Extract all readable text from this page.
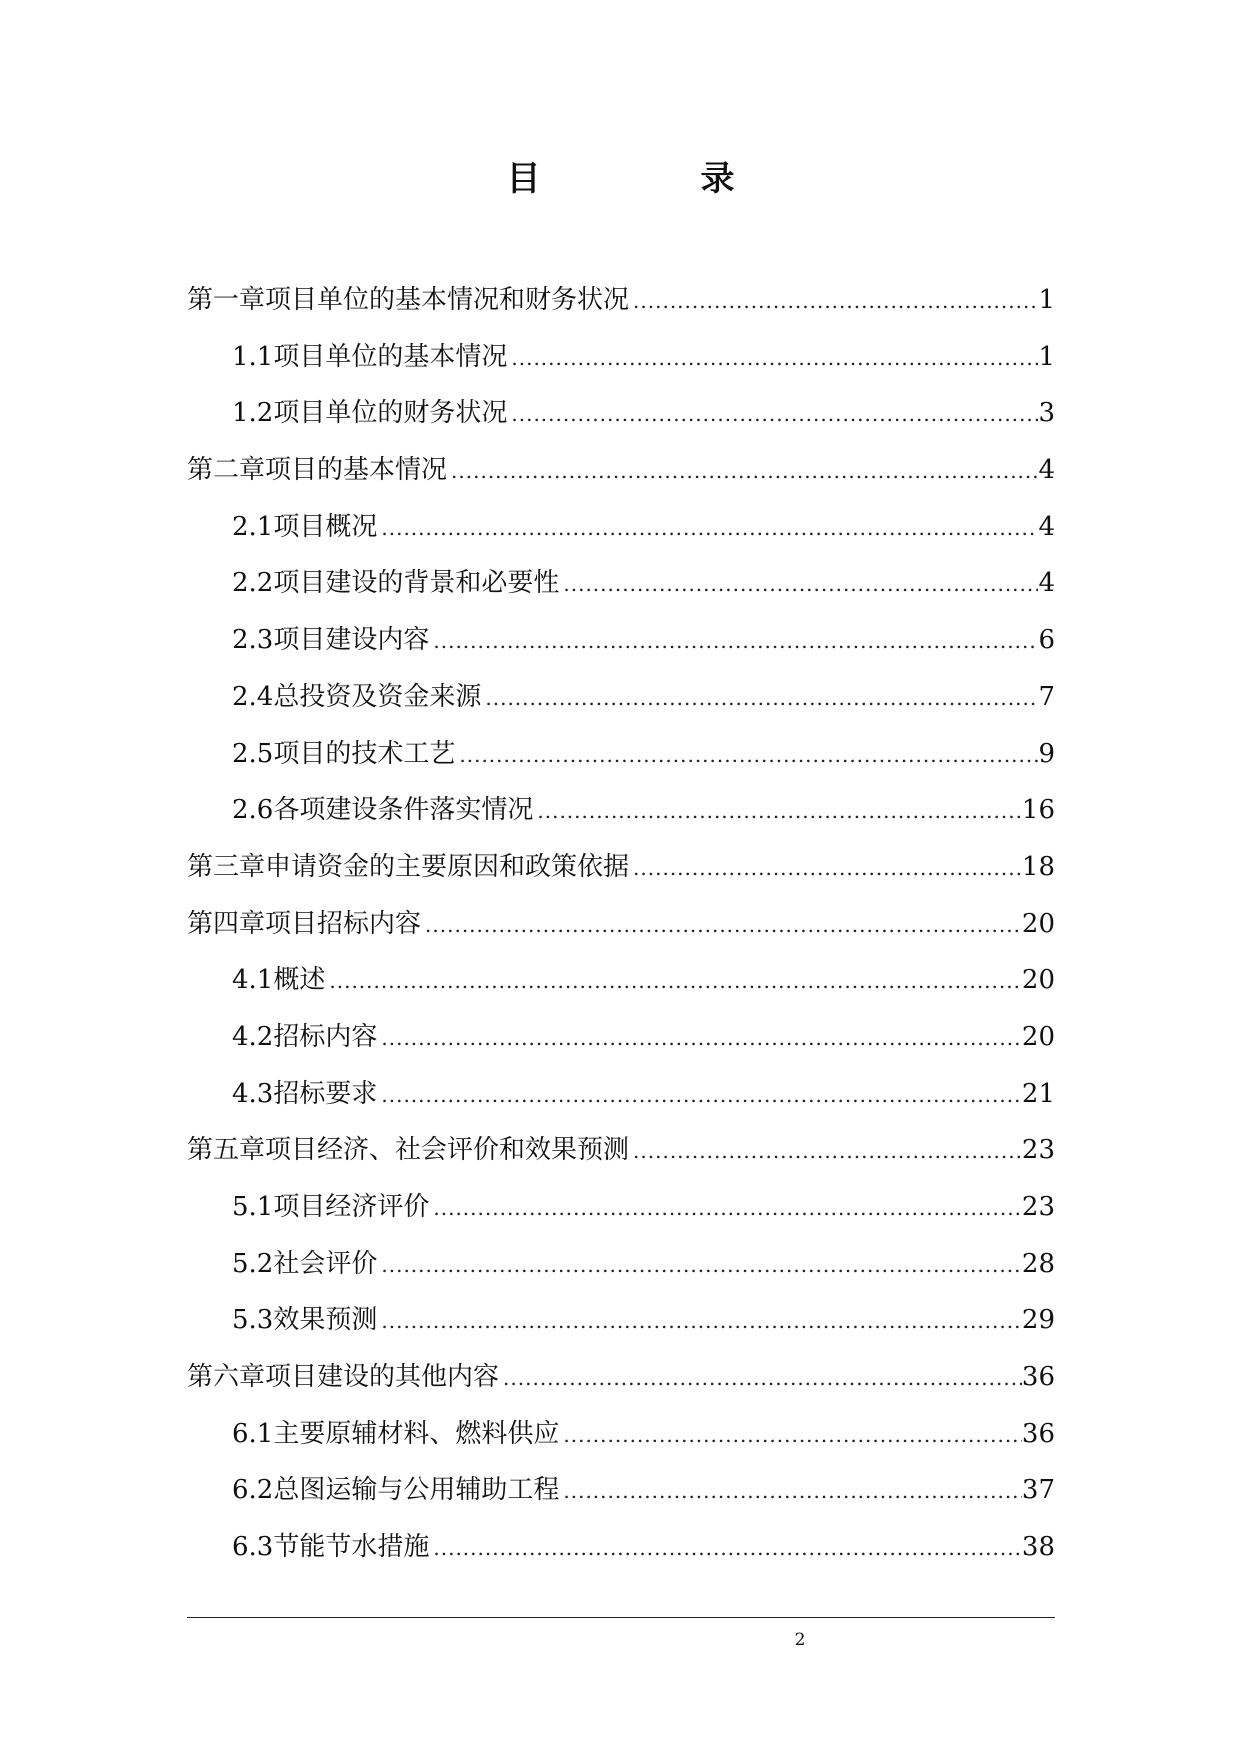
目	录
第一章 项目单位的基本情况和财务状况 .....	1
1.1 项目单位的基本情况 .....	1
1.2 项目单位的财务状况 .....	3
第二章 项目的基本情况 .....	4
2.1 项目概况 .....	4
2.2 项目建设的背景和必要性 .....	4
2.3 项目建设内容 .....	6
2.4 总投资及资金来源 .....	7
2.5 项目的技术工艺 .....	9
2.6 各项建设条件落实情况 .....	16
第三章 申请资金的主要原因和政策依据 .....	18
第四章 项目招标内容 .....	20
4.1 概述 .....	20
4.2 招标内容 .....	20
4.3 招标要求 .....	21
第五章 项目经济、社会评价和效果预测 .....	23
5.1 项目经济评价 .....	23
5.2 社会评价 .....	28
5.3 效果预测 .....	29
第六章 项目建设的其他内容 .....	36
6.1 主要原辅材料、燃料供应 .....	36
6.2 总图运输与公用辅助工程 .....	37
6.3 节能节水措施 .....	38
2
